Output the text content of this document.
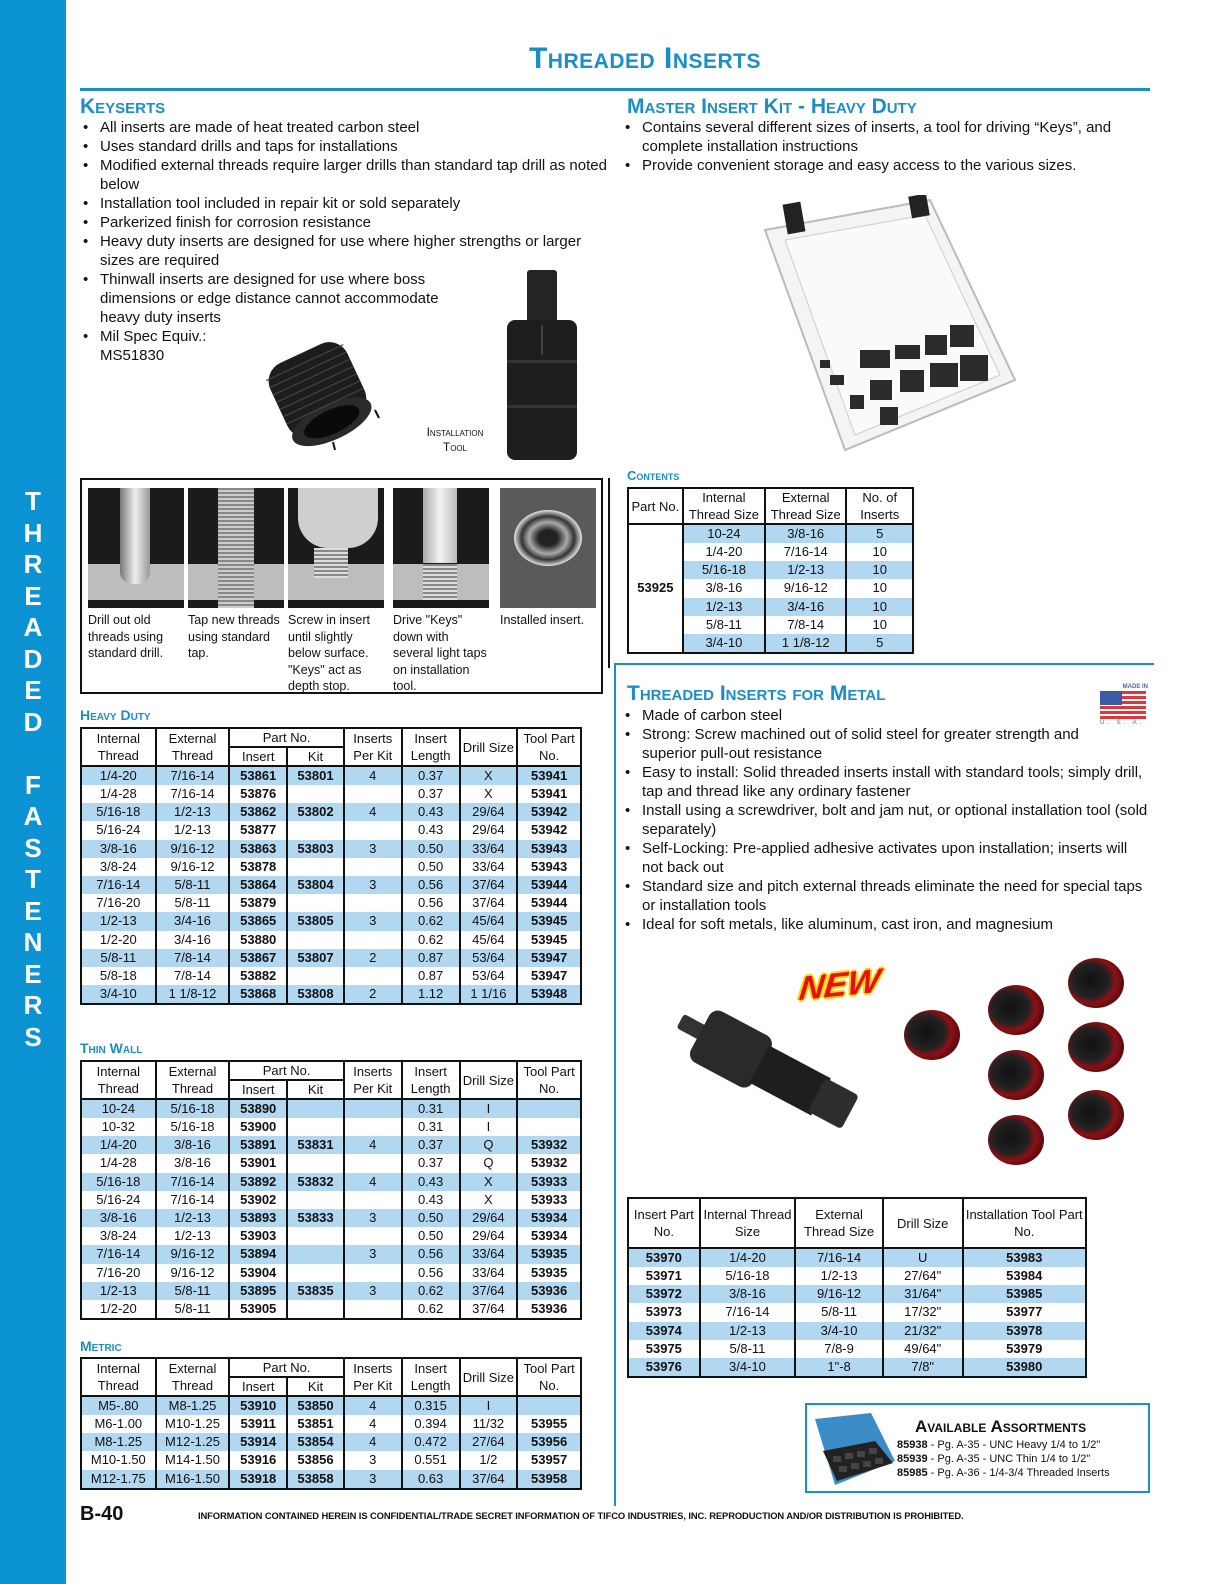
T
H
R
E
A
D
E
D
F
A
S
T
E
N
E
R
S
Threaded Inserts
Keyserts
• All inserts are made of heat treated carbon steel
• Uses standard drills and taps for installations
• Modified external threads require larger drills than standard tap drill as noted below
• Installation tool included in repair kit or sold separately
• Parkerized finish for corrosion resistance
• Heavy duty inserts are designed for use where higher strengths or larger sizes are required
• Thinwall inserts are designed for use where boss dimensions or edge distance cannot accommodate heavy duty inserts
• Mil Spec Equiv.: MS51830
Installation
Tool
Drill out old threads using standard drill.
Tap new threads using standard tap.
Screw in insert until slightly below surface. "Keys" act as depth stop.
Drive "Keys" down with several light taps on installation tool.
Installed insert.
Heavy Duty
Internal Thread	External Thread	Part No.		Inserts Per Kit	Insert Length	Drill Size	Tool Part No.
		Insert	Kit				
1/4-20	7/16-14	53861	53801	4	0.37	X	53941
1/4-28	7/16-14	53876			0.37	X	53941
5/16-18	1/2-13	53862	53802	4	0.43	29/64	53942
5/16-24	1/2-13	53877			0.43	29/64	53942
3/8-16	9/16-12	53863	53803	3	0.50	33/64	53943
3/8-24	9/16-12	53878			0.50	33/64	53943
7/16-14	5/8-11	53864	53804	3	0.56	37/64	53944
7/16-20	5/8-11	53879			0.56	37/64	53944
1/2-13	3/4-16	53865	53805	3	0.62	45/64	53945
1/2-20	3/4-16	53880			0.62	45/64	53945
5/8-11	7/8-14	53867	53807	2	0.87	53/64	53947
5/8-18	7/8-14	53882			0.87	53/64	53947
3/4-10	1 1/8-12	53868	53808	2	1.12	1 1/16	53948
Thin Wall
Internal Thread	External Thread	Part No.		Inserts Per Kit	Insert Length	Drill Size	Tool Part No.
		Insert	Kit				
10-24	5/16-18	53890			0.31	I	
10-32	5/16-18	53900			0.31	I	
1/4-20	3/8-16	53891	53831	4	0.37	Q	53932
1/4-28	3/8-16	53901			0.37	Q	53932
5/16-18	7/16-14	53892	53832	4	0.43	X	53933
5/16-24	7/16-14	53902			0.43	X	53933
3/8-16	1/2-13	53893	53833	3	0.50	29/64	53934
3/8-24	1/2-13	53903			0.50	29/64	53934
7/16-14	9/16-12	53894		3	0.56	33/64	53935
7/16-20	9/16-12	53904			0.56	33/64	53935
1/2-13	5/8-11	53895	53835	3	0.62	37/64	53936
1/2-20	5/8-11	53905			0.62	37/64	53936
Metric
Internal Thread	External Thread	Part No.		Inserts Per Kit	Insert Length	Drill Size	Tool Part No.
		Insert	Kit				
M5-.80	M8-1.25	53910	53850	4	0.315	I	
M6-1.00	M10-1.25	53911	53851	4	0.394	11/32	53955
M8-1.25	M12-1.25	53914	53854	4	0.472	27/64	53956
M10-1.50	M14-1.50	53916	53856	3	0.551	1/2	53957
M12-1.75	M16-1.50	53918	53858	3	0.63	37/64	53958
Master Insert Kit - Heavy Duty
• Contains several different sizes of inserts, a tool for driving “Keys”, and complete installation instructions
• Provide convenient storage and easy access to the various sizes.
Contents
Part No.	Internal Thread Size	External Thread Size	No. of Inserts
53925	10-24	3/8-16	5
	1/4-20	7/16-14	10
	5/16-18	1/2-13	10
	3/8-16	9/16-12	10
	1/2-13	3/4-16	10
	5/8-11	7/8-14	10
	3/4-10	1 1/8-12	5
Threaded Inserts for Metal	MADE IN
U. S. A.
• Made of carbon steel
• Strong: Screw machined out of solid steel for greater strength and superior pull-out resistance
• Easy to install: Solid threaded inserts install with standard tools; simply drill, tap and thread like any ordinary fastener
• Install using a screwdriver, bolt and jam nut, or optional installation tool (sold separately)
• Self-Locking: Pre-applied adhesive activates upon installation; inserts will not back out
• Standard size and pitch external threads eliminate the need for special taps or installation tools
• Ideal for soft metals, like aluminum, cast iron, and magnesium
NEW
Insert Part No.	Internal Thread Size	External Thread Size	Drill Size	Installation Tool Part No.
53970	1/4-20	7/16-14	U	53983
53971	5/16-18	1/2-13	27/64"	53984
53972	3/8-16	9/16-12	31/64"	53985
53973	7/16-14	5/8-11	17/32"	53977
53974	1/2-13	3/4-10	21/32"	53978
53975	5/8-11	7/8-9	49/64"	53979
53976	3/4-10	1"-8	7/8"	53980
Available Assortments
85938 - Pg. A-35 - UNC Heavy 1/4 to 1/2"
85939 - Pg. A-35 - UNC Thin 1/4 to 1/2"
85985 - Pg. A-36 - 1/4-3/4 Threaded Inserts
B-40	INFORMATION CONTAINED HEREIN IS CONFIDENTIAL/TRADE SECRET INFORMATION OF TIFCO INDUSTRIES, INC. REPRODUCTION AND/OR DISTRIBUTION IS PROHIBITED.
